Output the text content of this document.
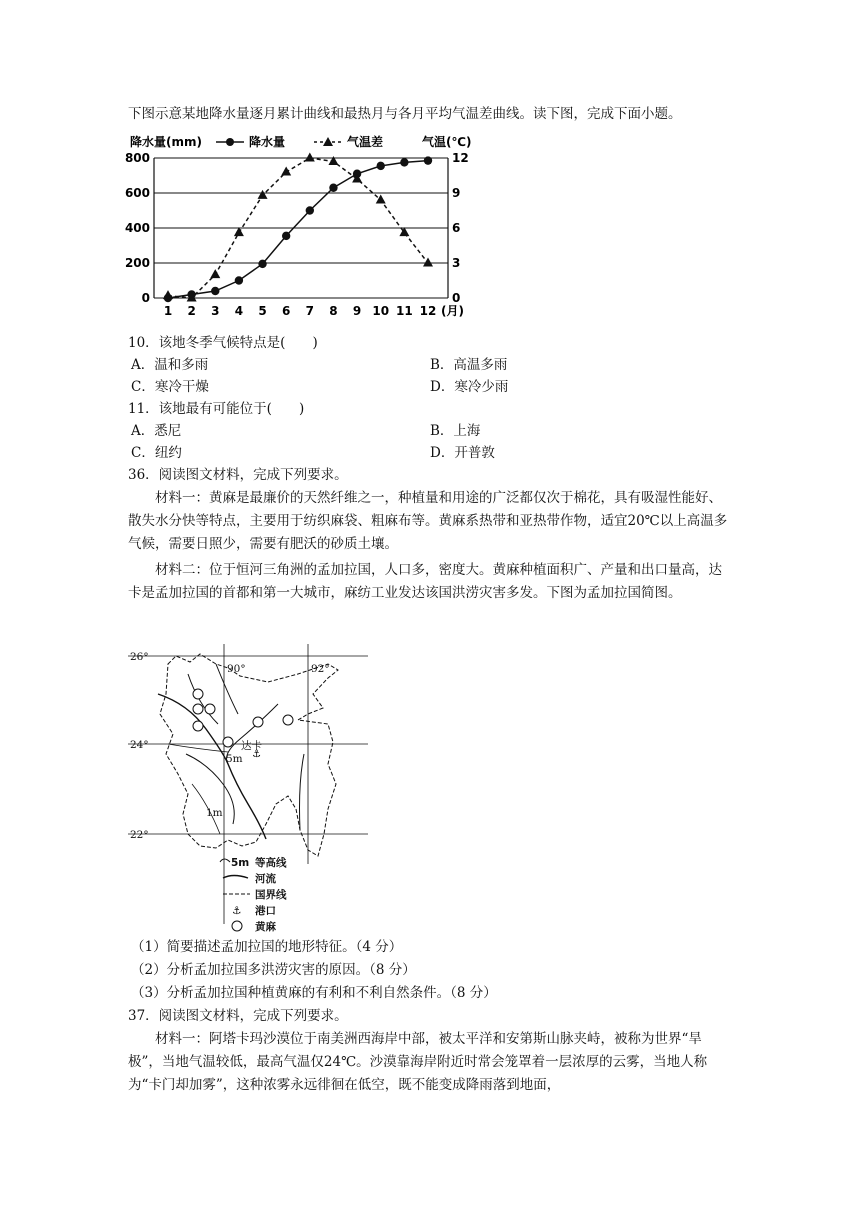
下图示意某地降水量逐月累计曲线和最热月与各月平均气温差曲线。读下图，完成下面小题。
降水量(mm)	气温(℃)
降水量	气温差
0	0
200	3
400	6
600	9
800	12
1 2 3 4 5 6 7 8 9 10 11 12 (月)
10．该地冬季气候特点是(　　)
A．温和多雨	B．高温多雨
C．寒冷干燥	D．寒冷少雨
11．该地最有可能位于(　　)
A．悉尼	B．上海
C．纽约	D．开普敦
36．阅读图文材料，完成下列要求。
材料一：黄麻是最廉价的天然纤维之一，种植量和用途的广泛都仅次于棉花，具有吸湿性能好、散失水分快等特点，主要用于纺织麻袋、粗麻布等。黄麻系热带和亚热带作物，适宜20℃以上高温多气候，需要日照少，需要有肥沃的砂质土壤。
材料二：位于恒河三角洲的孟加拉国，人口多，密度大。黄麻种植面积广、产量和出口量高，达卡是孟加拉国的首都和第一大城市，麻纺工业发达该国洪涝灾害多发。下图为孟加拉国简图。
⚓
26°
24°
22°
90°	92°
达卡
5m
1m
5m 等高线
河流
国界线
⚓ 港口
黄麻
（1）简要描述孟加拉国的地形特征。（4 分）
（2）分析孟加拉国多洪涝灾害的原因。（8 分）
（3）分析孟加拉国种植黄麻的有利和不利自然条件。（8 分）
37．阅读图文材料，完成下列要求。
材料一：阿塔卡玛沙漠位于南美洲西海岸中部，被太平洋和安第斯山脉夹峙，被称为世界“旱极”，当地气温较低，最高气温仅24℃。沙漠靠海岸附近时常会笼罩着一层浓厚的云雾，当地人称为“卡门却加雾”，这种浓雾永远徘徊在低空，既不能变成降雨落到地面，
